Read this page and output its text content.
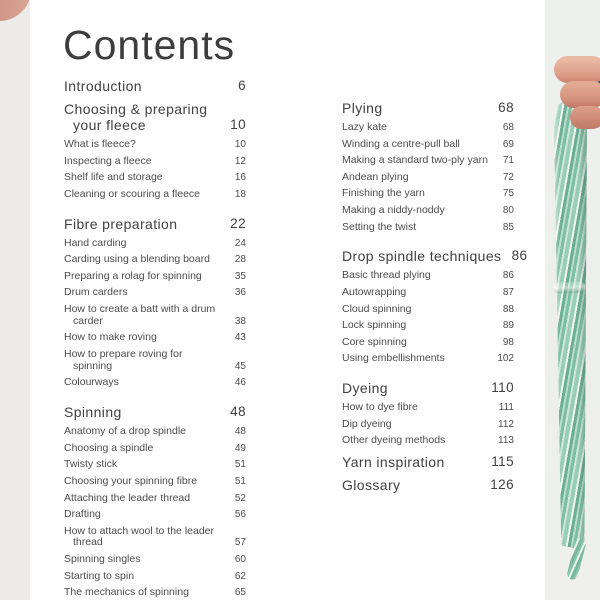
Contents
Introduction	6
Choosing & preparing your fleece	10
What is fleece?	10
Inspecting a fleece	12
Shelf life and storage	16
Cleaning or scouring a fleece	18
Fibre preparation	22
Hand carding	24
Carding using a blending board	28
Preparing a rolag for spinning	35
Drum carders	36
How to create a batt with a drum carder	38
How to make roving	43
How to prepare roving for spinning	45
Colourways	46
Spinning	48
Anatomy of a drop spindle	48
Choosing a spindle	49
Twisty stick	51
Choosing your spinning fibre	51
Attaching the leader thread	52
Drafting	56
How to attach wool to the leader thread	57
Spinning singles	60
Starting to spin	62
The mechanics of spinning	65
Plying	68
Lazy kate	68
Winding a centre-pull ball	69
Making a standard two-ply yarn	71
Andean plying	72
Finishing the yarn	75
Making a niddy-noddy	80
Setting the twist	85
Drop spindle techniques 86
Basic thread plying	86
Autowrapping	87
Cloud spinning	88
Lock spinning	89
Core spinning	98
Using embellishments	102
Dyeing	110
How to dye fibre	111
Dip dyeing	112
Other dyeing methods	113
Yarn inspiration	115
Glossary	126
